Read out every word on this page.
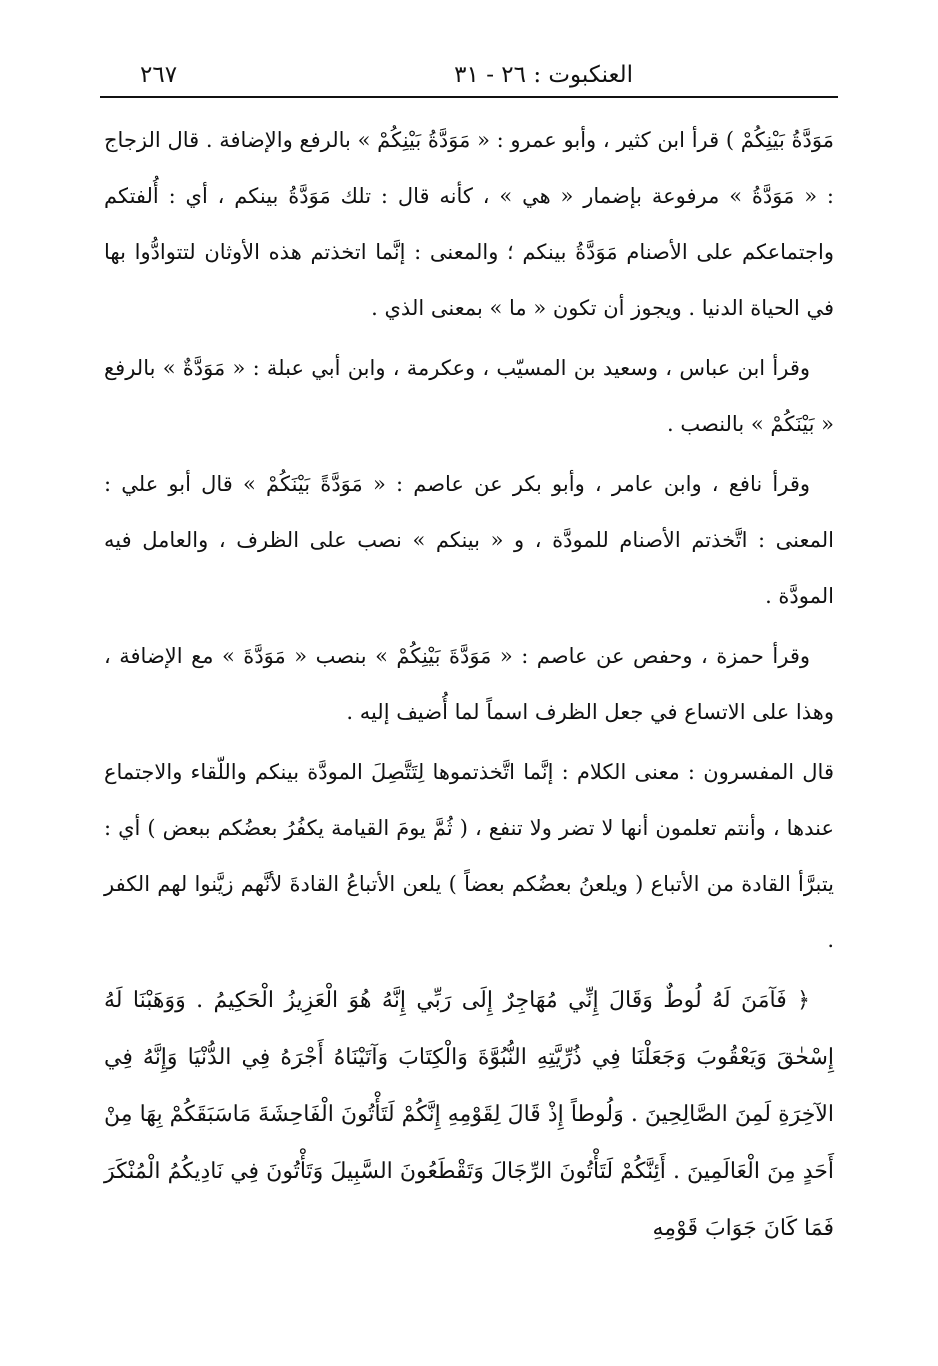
العنكبوت : ٢٦ - ٣١
٢٦٧

مَوَدَّةُ بَيْنِكُمْ ) قرأ ابن كثير ، وأبو عمرو : « مَوَدَّةُ بَيْنِكُمْ » بالرفع والإضافة . قال الزجاج : « مَوَدَّةُ » مرفوعة بإضمار « هي » ، كأنه قال : تلك مَوَدَّةُ بينكم ، أي : أُلفتكم واجتماعكم على الأصنام مَوَدَّةُ بينكم ؛ والمعنى : إنَّما اتخذتم هذه الأوثان لتتوادُّوا بها في الحياة الدنيا . ويجوز أن تكون « ما » بمعنى الذي .

وقرأ ابن عباس ، وسعيد بن المسيّب ، وعكرمة ، وابن أبي عبلة : « مَوَدَّةٌ » بالرفع « بَيْنَكُمْ » بالنصب .

وقرأ نافع ، وابن عامر ، وأبو بكر عن عاصم : « مَوَدَّةً بَيْنَكُمْ » قال أبو علي : المعنى : اتَّخذتم الأصنام للمودَّة ، و « بينكم » نصب على الظرف ، والعامل فيه المودَّة .

وقرأ حمزة ، وحفص عن عاصم : « مَوَدَّةَ بَيْنِكُمْ » بنصب « مَوَدَّةَ » مع الإضافة ، وهذا على الاتساع في جعل الظرف اسماً لما أُضيف إليه .

قال المفسرون : معنى الكلام : إنَّما اتَّخذتموها لِتَتَّصِلَ المودَّة بينكم واللّقاء والاجتماع عندها ، وأنتم تعلمون أنها لا تضر ولا تنفع ، ( ثُمَّ يومَ القيامة يكفُرُ بعضُكم ببعض ) أي : يتبرَّأ القادة من الأتباع ( ويلعنُ بعضُكم بعضاً ) يلعن الأتباعُ القادةَ لأنَّهم زيَّنوا لهم الكفر .

﴿ فَآمَنَ لَهُ لُوطٌ وَقَالَ إِنِّي مُهَاجِرٌ إِلَى رَبِّي إِنَّهُ هُوَ الْعَزِيزُ الْحَكِيمُ . وَوَهَبْنَا لَهُ إِسْحٰقَ وَيَعْقُوبَ وَجَعَلْنَا فِي ذُرِّيَّتِهِ النُّبُوَّةَ وَالْكِتَابَ وَآتَيْنَاهُ أَجْرَهُ فِي الدُّنْيَا وَإِنَّهُ فِي الآخِرَةِ لَمِنَ الصَّالِحِينَ . وَلُوطاً إِذْ قَالَ لِقَوْمِهِ إِنَّكُمْ لَتَأْتُونَ الْفَاحِشَةَ مَاسَبَقَكُمْ بِهَا مِنْ أَحَدٍ مِنَ الْعَالَمِينَ . أَئِنَّكُمْ لَتَأْتُونَ الرِّجَالَ وَتَقْطَعُونَ السَّبِيلَ وَتَأْتُونَ فِي نَادِيكُمُ الْمُنْكَرَ فَمَا كَانَ جَوَابَ قَوْمِهِ
